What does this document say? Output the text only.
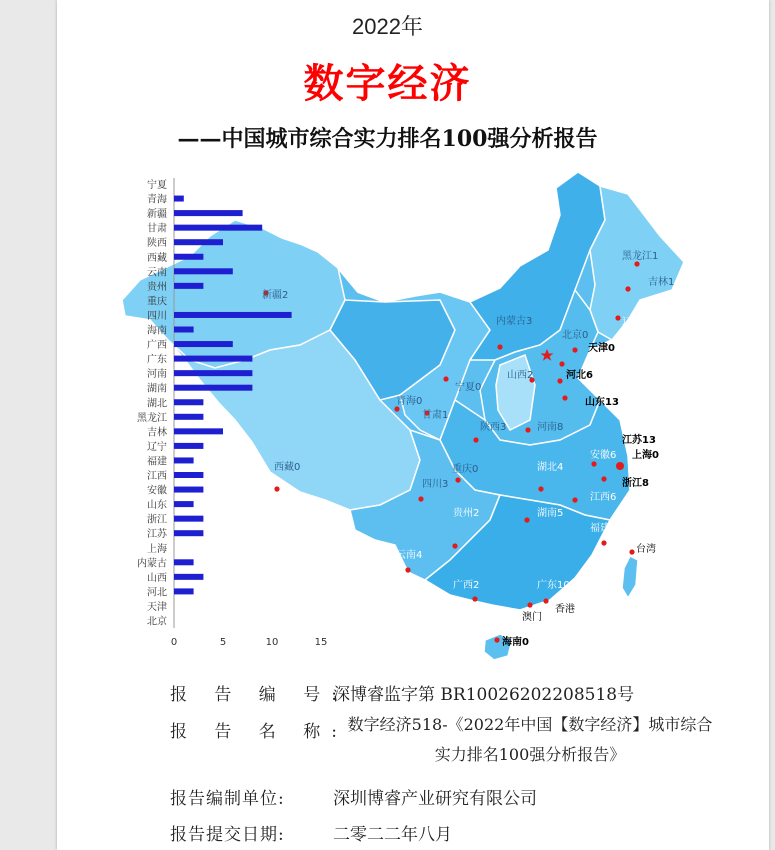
2022年
数字经济
——中国城市综合实力排名100强分析报告
新疆2
西藏0
青海0
甘肃1
宁夏0
内蒙古3
黑龙江1
吉林1
辽宁2
北京0
天津0
河北6
山西2
山东13
陕西3	河南8
江苏13
上海0
安徽6
浙江8
湖北4
重庆0
四川3
贵州2	湖南5
江西6
福建8
云南4
广西2	广东10
台湾
澳门
香港
海南0
宁夏
青海
新疆
甘肃
陕西
西藏
云南
贵州
重庆
四川
海南
广西
广东
河南
湖南
湖北
黑龙江
吉林
辽宁
福建
江西
安徽
山东
浙江
江苏
上海
内蒙古
山西
河北
天津
北京
0	5	10	15
报 告 编 号:
深博睿监字第 BR10026202208518号
报 告 名 称: 数字经济518-《2022年中国【数字经济】城市综合
实力排名100强分析报告》
报告编制单位:	深圳博睿产业研究有限公司
报告提交日期:	二零二二年八月
